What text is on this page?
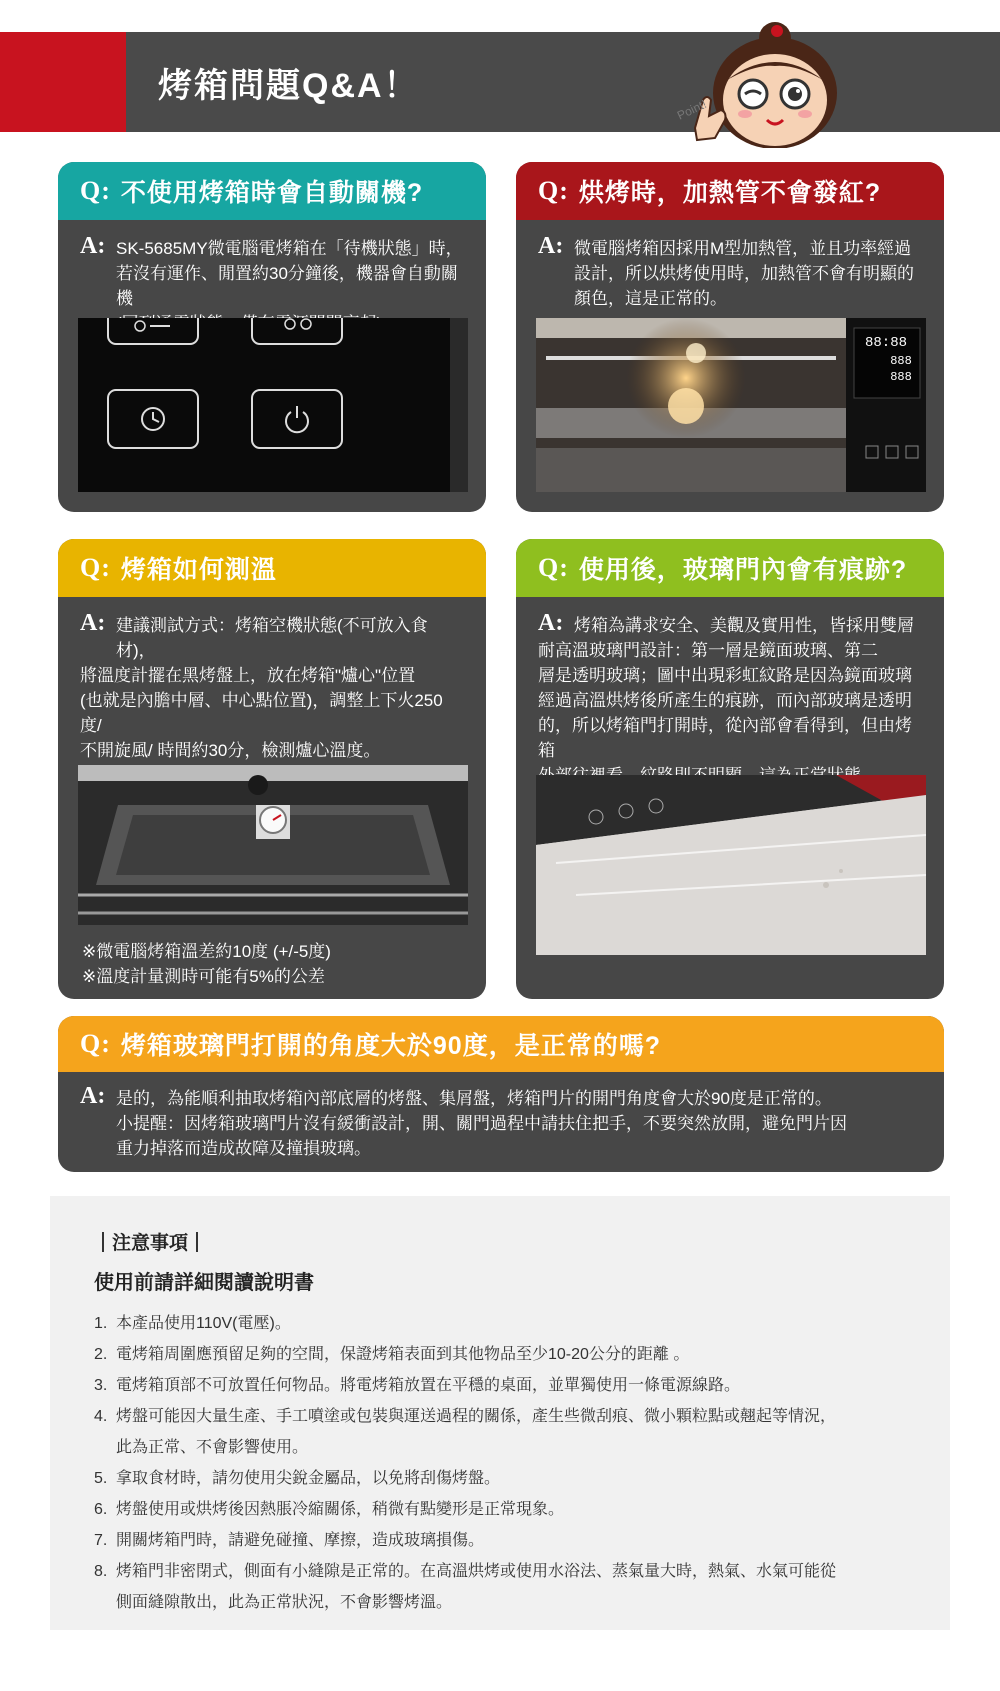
烤箱問題Q&A！
Point!
Q: 不使用烤箱時會自動關機?
A: SK-5685MY微電腦電烤箱在「待機狀態」時，
若沒有運作、閒置約30分鐘後，機器會自動關機

Q: 烘烤時，加熱管不會發紅?
A: 微電腦烤箱因採用M型加熱管，並且功率經過
設計，所以烘烤使用時，加熱管不會有明顯的
顏色，這是正常的。
88:88
888
888
Q: 烤箱如何測溫
A: 建議測試方式：烤箱空機狀態(不可放入食材)，
將溫度計擺在黑烤盤上，放在烤箱"爐心"位置
(也就是內膽中層、中心點位置)，調整上下火250度/
不開旋風/ 時間約30分，檢測爐心溫度。

※微電腦烤箱溫差約10度 (+/-5度)
※溫度計量測時可能有5%的公差
Q: 使用後，玻璃門內會有痕跡?
A: 烤箱為講求安全、美觀及實用性，皆採用雙層
耐高溫玻璃門設計：第一層是鏡面玻璃、第二
層是透明玻璃；圖中出現彩虹紋路是因為鏡面玻璃
經過高溫烘烤後所產生的痕跡，而內部玻璃是透明
的，所以烤箱門打開時，從內部會看得到，但由烤箱

Q: 烤箱玻璃門打開的角度大於90度，是正常的嗎?
A: 是的，為能順利抽取烤箱內部底層的烤盤、集屑盤，烤箱門片的開門角度會大於90度是正常的。
小提醒：因烤箱玻璃門片沒有緩衝設計，開、關門過程中請扶住把手，不要突然放開，避免門片因
重力掉落而造成故障及撞損玻璃。
注意事項
使用前請詳細閱讀說明書
1. 本產品使用110V(電壓)。
2. 電烤箱周圍應預留足夠的空間，保證烤箱表面到其他物品至少10-20公分的距離 。
3. 電烤箱頂部不可放置任何物品。將電烤箱放置在平穩的桌面，並單獨使用一條電源線路。
4. 烤盤可能因大量生產、手工噴塗或包裝與運送過程的關係，產生些微刮痕、微小顆粒點或翹起等情況，
此為正常、不會影響使用。
5. 拿取食材時，請勿使用尖銳金屬品，以免將刮傷烤盤。
6. 烤盤使用或烘烤後因熱脹冷縮關係，稍微有點變形是正常現象。
7. 開關烤箱門時，請避免碰撞、摩擦，造成玻璃損傷。
8. 烤箱門非密閉式，側面有小縫隙是正常的。在高溫烘烤或使用水浴法、蒸氣量大時，熱氣、水氣可能從
側面縫隙散出，此為正常狀況，不會影響烤溫。
